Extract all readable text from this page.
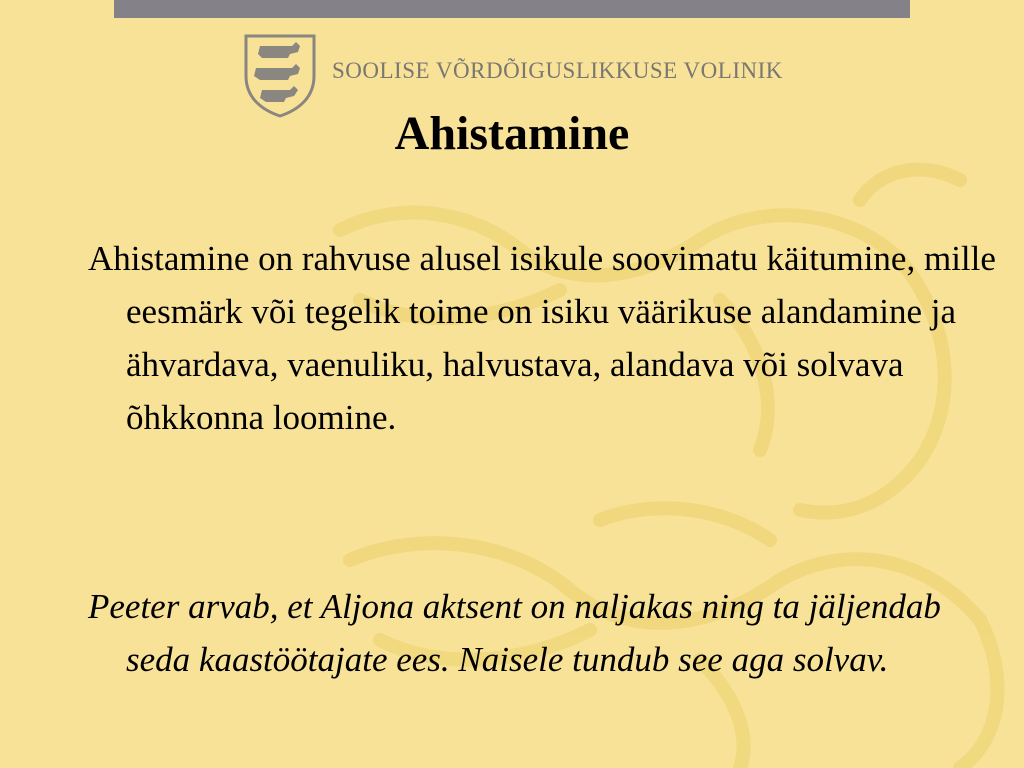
SOOLISE VÕRDÕIGUSLIKKUSE VOLINIK
Ahistamine

Ahistamine on rahvuse alusel isikule soovimatu käitumine, mille eesmärk või tegelik toime on isiku väärikuse alandamine ja ähvardava, vaenuliku, halvustava, alandava või solvava õhkkonna loomine.

Peeter arvab, et Aljona aktsent on naljakas ning ta jäljendab seda kaastöötajate ees. Naisele tundub see aga solvav.
